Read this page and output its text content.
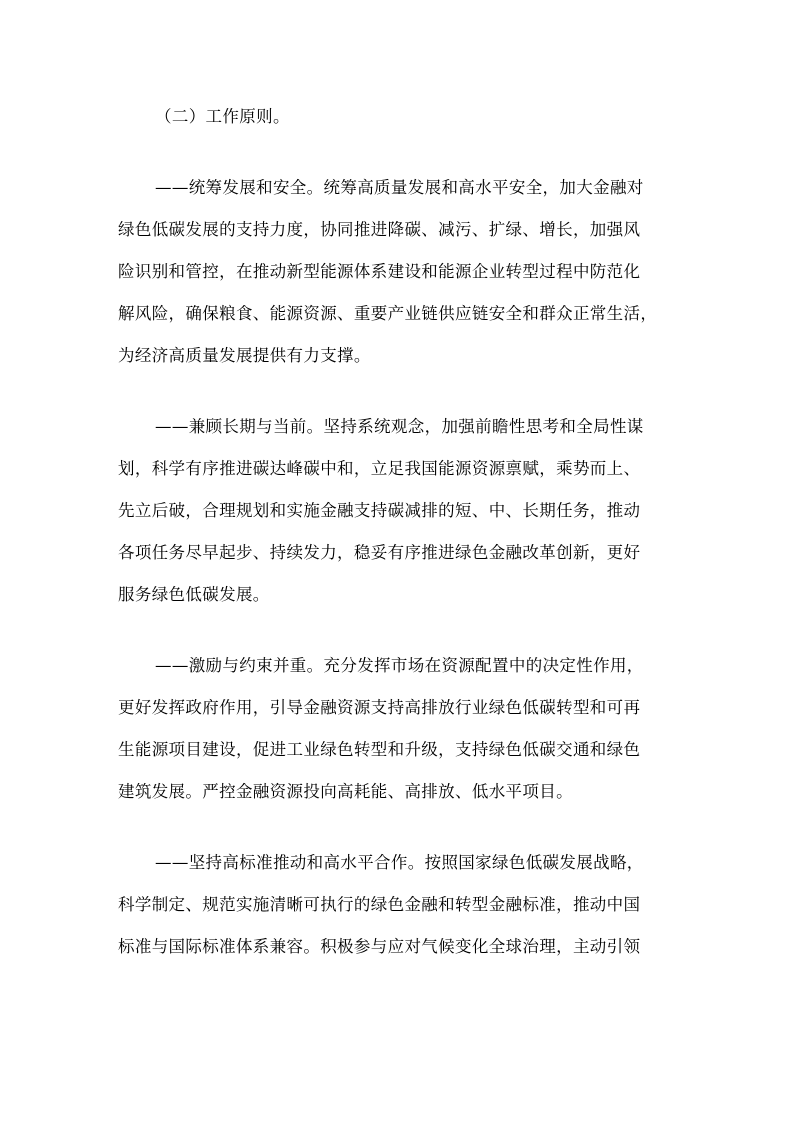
（二）工作原则。
——统筹发展和安全。统筹高质量发展和高水平安全，加大金融对
绿色低碳发展的支持力度，协同推进降碳、减污、扩绿、增长，加强风
险识别和管控，在推动新型能源体系建设和能源企业转型过程中防范化
解风险，确保粮食、能源资源、重要产业链供应链安全和群众正常生活，
为经济高质量发展提供有力支撑。
——兼顾长期与当前。坚持系统观念，加强前瞻性思考和全局性谋
划，科学有序推进碳达峰碳中和，立足我国能源资源禀赋，乘势而上、
先立后破，合理规划和实施金融支持碳减排的短、中、长期任务，推动
各项任务尽早起步、持续发力，稳妥有序推进绿色金融改革创新，更好
服务绿色低碳发展。
——激励与约束并重。充分发挥市场在资源配置中的决定性作用，
更好发挥政府作用，引导金融资源支持高排放行业绿色低碳转型和可再
生能源项目建设，促进工业绿色转型和升级，支持绿色低碳交通和绿色
建筑发展。严控金融资源投向高耗能、高排放、低水平项目。
——坚持高标准推动和高水平合作。按照国家绿色低碳发展战略，
科学制定、规范实施清晰可执行的绿色金融和转型金融标准，推动中国
标准与国际标准体系兼容。积极参与应对气候变化全球治理，主动引领
